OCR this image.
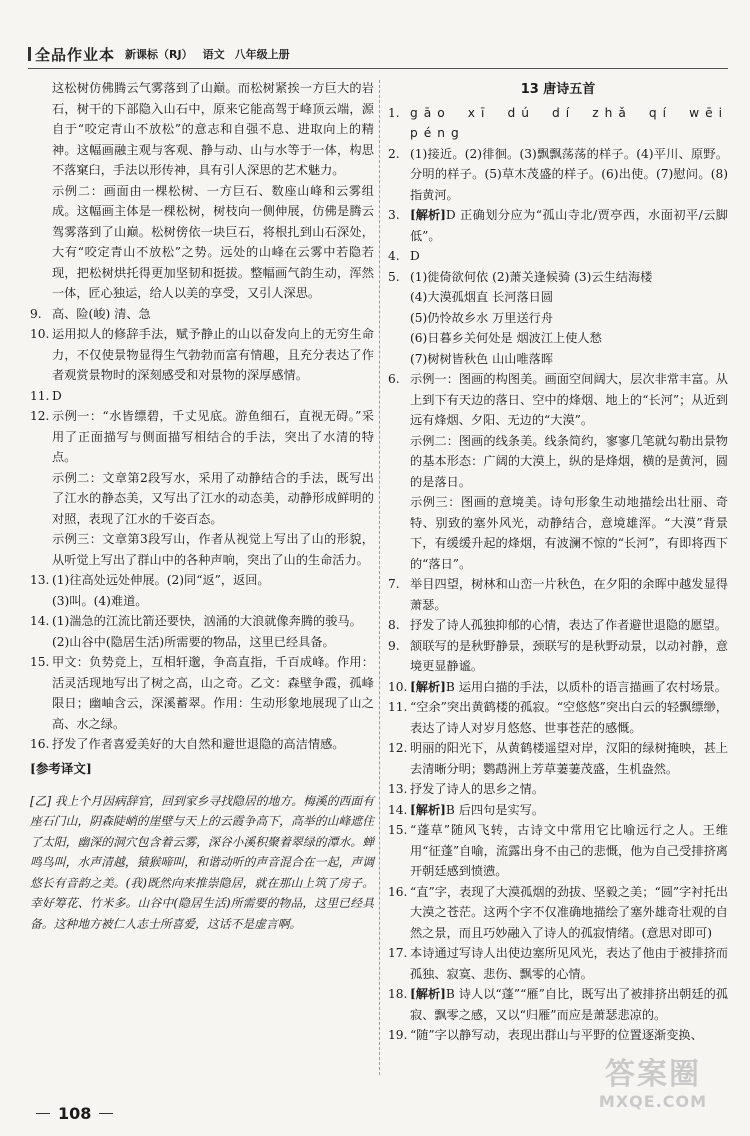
全品作业本 新课标（RJ） 语文 八年级上册

这松树仿佛腾云气雾落到了山巅。而松树紧挨一方巨大的岩石，树干的下部隐入山石中，原来它能高驾于峰顶云端，源自于“咬定青山不放松”的意志和自强不息、进取向上的精神。这幅画融主观与客观、静与动、山与水等于一体，构思不落窠臼，手法以形传神，具有引人深思的艺术魅力。

示例二：画面由一棵松树、一方巨石、数座山峰和云雾组成。这幅画主体是一棵松树，树枝向一侧伸展，仿佛是腾云驾雾落到了山巅。松树傍依一块巨石，将根扎到山石深处，大有“咬定青山不放松”之势。远处的山峰在云雾中若隐若现，把松树烘托得更加坚韧和挺拔。整幅画气韵生动，浑然一体，匠心独运，给人以美的享受，又引人深思。

9. 高、险(峻) 清、急
10. 运用拟人的修辞手法，赋予静止的山以奋发向上的无穷生命力，不仅使景物显得生气勃勃而富有情趣，且充分表达了作者观赏景物时的深刻感受和对景物的深厚感情。
11. D
12. 示例一：“水皆缥碧，千丈见底。游鱼细石，直视无碍。”采用了正面描写与侧面描写相结合的手法，突出了水清的特点。

示例二：文章第2段写水，采用了动静结合的手法，既写出了江水的静态美，又写出了江水的动态美，动静形成鲜明的对照，表现了江水的千姿百态。

示例三：文章第3段写山，作者从视觉上写出了山的形貌，从听觉上写出了群山中的各种声响，突出了山的生命活力。

13. (1)往高处远处伸展。(2)同“返”，返回。

(3)叫。(4)难道。

14. (1)湍急的江流比箭还要快，汹涌的大浪就像奔腾的骏马。

(2)山谷中(隐居生活)所需要的物品，这里已经具备。

15. 甲文：负势竞上，互相轩邈，争高直指，千百成峰。作用：活灵活现地写出了树之高，山之奇。乙文：森壁争霞，孤峰限日；幽岫含云，深溪蓄翠。作用：生动形象地展现了山之高、水之绿。
16. 抒发了作者喜爱美好的大自然和避世退隐的高洁情感。
[参考译文]

[乙] 我上个月因病辞官，回到家乡寻找隐居的地方。梅溪的西面有座石门山，阴森陡峭的崖壁与天上的云霞争高下，高举的山峰遮住了太阳，幽深的洞穴包含着云雾，深谷小溪积聚着翠绿的潭水。蝉鸣鸟叫，水声清越，猿猴啼叫，和谐动听的声音混合在一起，声调悠长有音韵之美。(我)既然向来推崇隐居，就在那山上筑了房子。幸好筹花、竹米多。山谷中(隐居生活)所需要的物品，这里已经具备。这种地方被仁人志士所喜爱，这话不是虚言啊。

13 唐诗五首
1. gāo xī dú dí zhǎ qí wēi péng
2. (1)接近。(2)徘徊。(3)飘飘荡荡的样子。(4)平川、原野。分明的样子。(5)草木茂盛的样子。(6)出使。(7)慰问。(8)指黄河。
3. [解析]D 正确划分应为“孤山寺北/贾亭西，水面初平/云脚低”。
4. D
5. (1)徙倚欲何依 (2)萧关逢候骑 (3)云生结海楼

(4)大漠孤烟直 长河落日圆

(5)仍怜故乡水 万里送行舟

(6)日暮乡关何处是 烟波江上使人愁

(7)树树皆秋色 山山唯落晖

6. 示例一：图画的构图美。画面空间阔大，层次非常丰富。从上到下有天边的落日、空中的烽烟、地上的“长河”；从近到远有烽烟、夕阳、无边的“大漠”。

示例二：图画的线条美。线条简约，寥寥几笔就勾勒出景物的基本形态：广阔的大漠上，纵的是烽烟，横的是黄河，圆的是落日。

示例三：图画的意境美。诗句形象生动地描绘出壮丽、奇特、别致的塞外风光，动静结合，意境雄浑。“大漠”背景下，有缓缓升起的烽烟，有波澜不惊的“长河”，有即将西下的“落日”。

7. 举目四望，树林和山峦一片秋色，在夕阳的余晖中越发显得萧瑟。
8. 抒发了诗人孤独抑郁的心情，表达了作者避世退隐的愿望。
9. 颔联写的是秋野静景，颈联写的是秋野动景，以动衬静，意境更显静谧。
10. [解析]B 运用白描的手法，以质朴的语言描画了农村场景。
11. “空余”突出黄鹤楼的孤寂。“空悠悠”突出白云的轻飘缥缈，表达了诗人对岁月悠悠、世事苍茫的感慨。
12. 明丽的阳光下，从黄鹤楼遥望对岸，汉阳的绿树掩映，甚上去清晰分明；鹦鹉洲上芳草萋萋茂盛，生机盎然。
13. 抒发了诗人的思乡之情。
14. [解析]B 后四句是实写。
15. “蓬草”随风飞转，古诗文中常用它比喻远行之人。王维用“征蓬”自喻，流露出身不由己的悲慨，他为自己受排挤离开朝廷感到愤懑。
16. “直”字，表现了大漠孤烟的劲拔、坚毅之美；“圆”字衬托出大漠之苍茫。这两个字不仅准确地描绘了塞外雄奇壮观的自然之景，而且巧妙融入了诗人的孤寂情绪。(意思对即可)
17. 本诗通过写诗人出使边塞所见风光，表达了他由于被排挤而孤独、寂寞、悲伤、飘零的心情。
18. [解析]B 诗人以“蓬”“雁”自比，既写出了被排挤出朝廷的孤寂、飘零之感，又以“归雁”而应是萧瑟悲凉的。
19. “随”字以静写动，表现出群山与平野的位置逐渐变换、
108
答案圈
MXQE.COM
